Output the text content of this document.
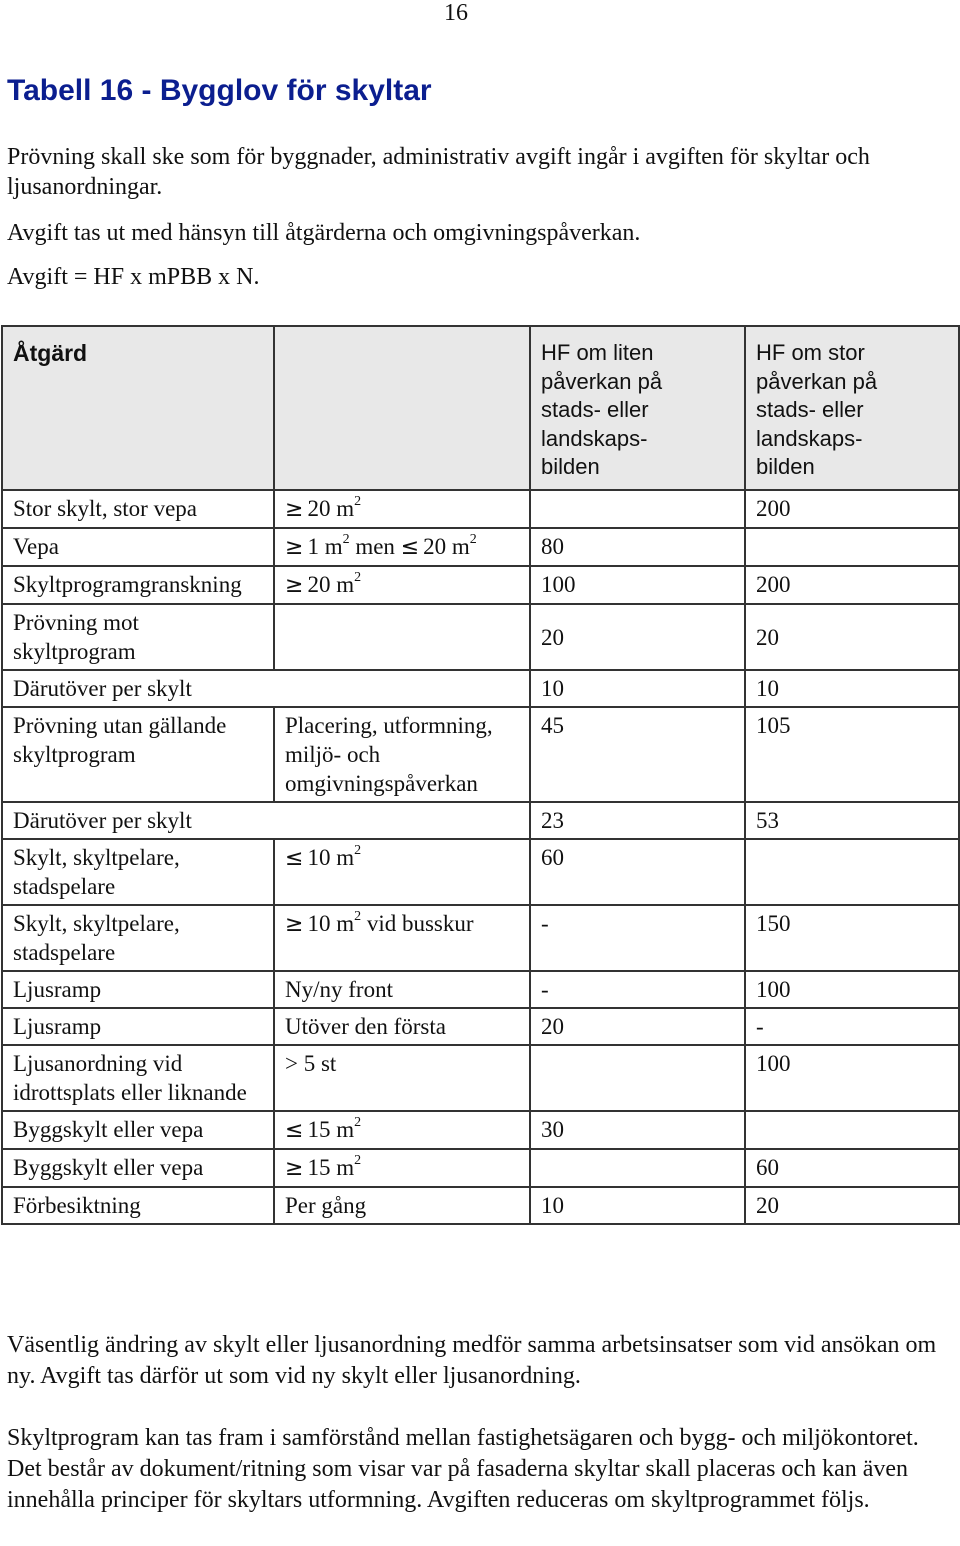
16
Tabell 16 - Bygglov för skyltar

Prövning skall ske som för byggnader, administrativ avgift ingår i avgiften för skyltar och ljusanordningar.

Avgift tas ut med hänsyn till åtgärderna och omgivningspåverkan.

Avgift = HF x mPBB x N.

Åtgärd		HF om liten
påverkan på
stads- eller
landskaps-
bilden	HF om stor
påverkan på
stads- eller
landskaps-
bilden
Stor skylt, stor vepa	≥ 20 $m^2$		200
Vepa	≥ 1 $m^2$ men ≤ 20 $m^2$	80	
Skyltprogramgranskning	≥ 20 $m^2$	100	200
Prövning mot skyltprogram		20	20
Därutöver per skylt		10	10
Prövning utan gällande skyltprogram	Placering, utformning, miljö- och omgivningspåverkan	45	105
Därutöver per skylt		23	53
Skylt, skyltpelare, stadspelare	≤ 10 $m^2$	60	
Skylt, skyltpelare, stadspelare	≥ 10 $m^2$ vid busskur	-	150
Ljusramp	Ny/ny front	-	100
Ljusramp	Utöver den första	20	-
Ljusanordning vid idrottsplats eller liknande	> 5 st		100
Byggskylt eller vepa	≤ 15 $m^2$	30	
Byggskylt eller vepa	≥ 15 $m^2$		60
Förbesiktning	Per gång	10	20

Väsentlig ändring av skylt eller ljusanordning medför samma arbetsinsatser som vid ansökan om ny. Avgift tas därför ut som vid ny skylt eller ljusanordning.

Skyltprogram kan tas fram i samförstånd mellan fastighetsägaren och bygg- och miljökontoret. Det består av dokument/ritning som visar var på fasaderna skyltar skall placeras och kan även innehålla principer för skyltars utformning. Avgiften reduceras om skyltprogrammet följs.
